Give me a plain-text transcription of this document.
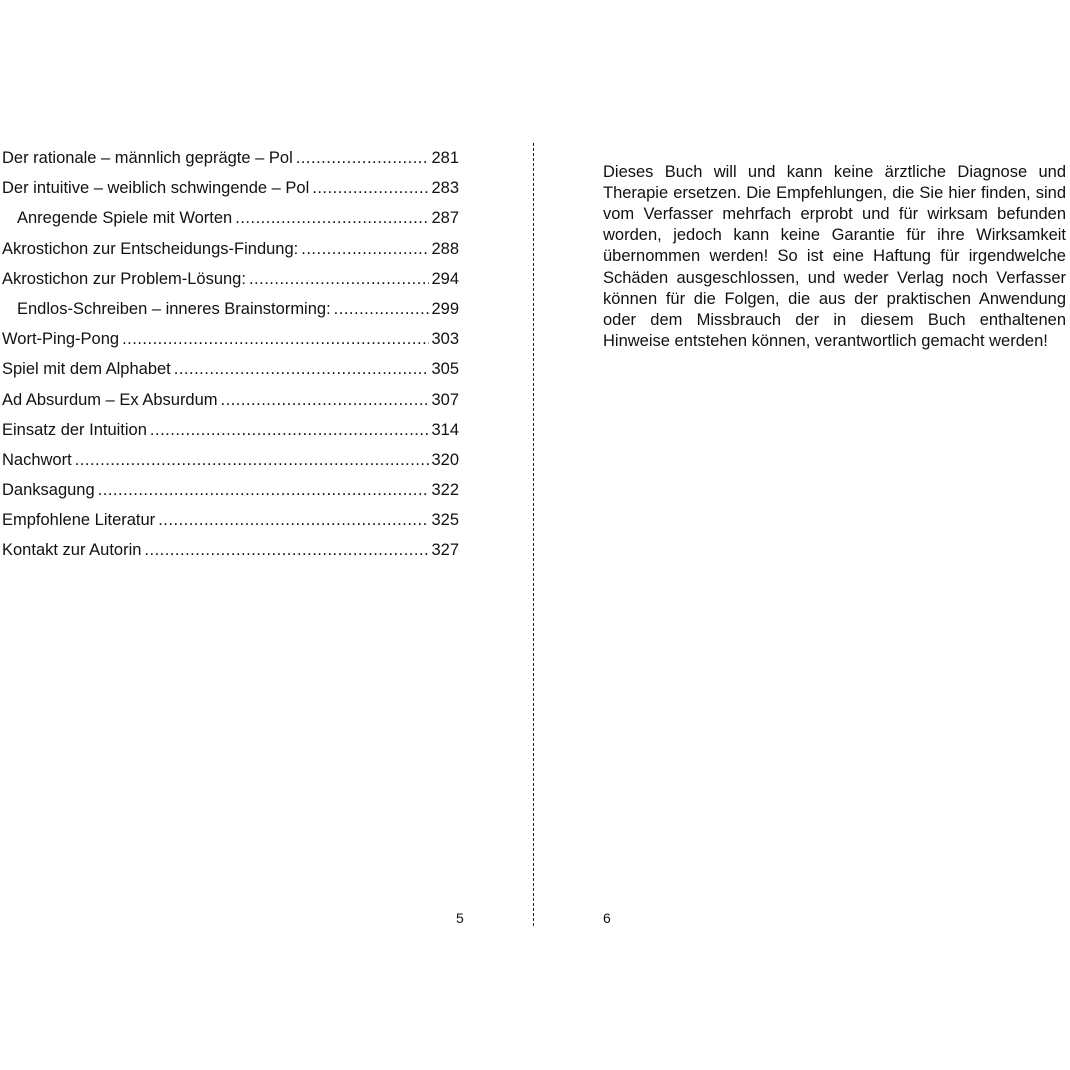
Der rationale – männlich geprägte – Pol .....	281
Der intuitive – weiblich schwingende – Pol .....	283
Anregende Spiele mit Worten .....	287
Akrostichon zur Entscheidungs-Findung: .....	288
Akrostichon zur Problem-Lösung: .....	294
Endlos-Schreiben – inneres Brainstorming: .....	299
Wort-Ping-Pong .....	303
Spiel mit dem Alphabet .....	305
Ad Absurdum – Ex Absurdum .....	307
Einsatz der Intuition .....	314
Nachwort .....	320
Danksagung .....	322
Empfohlene Literatur .....	325
Kontakt zur Autorin .....	327

Dieses Buch will und kann keine ärztliche Diagnose und Therapie ersetzen. Die Empfehlungen, die Sie hier finden, sind vom Verfasser mehrfach erprobt und für wirksam befunden worden, jedoch kann keine Garantie für ihre Wirksamkeit übernommen werden! So ist eine Haftung für irgendwelche Schäden ausgeschlossen, und weder Verlag noch Verfasser können für die Folgen, die aus der praktischen Anwendung oder dem Missbrauch der in diesem Buch enthaltenen Hinweise entstehen können, verantwortlich gemacht werden!

5	6
